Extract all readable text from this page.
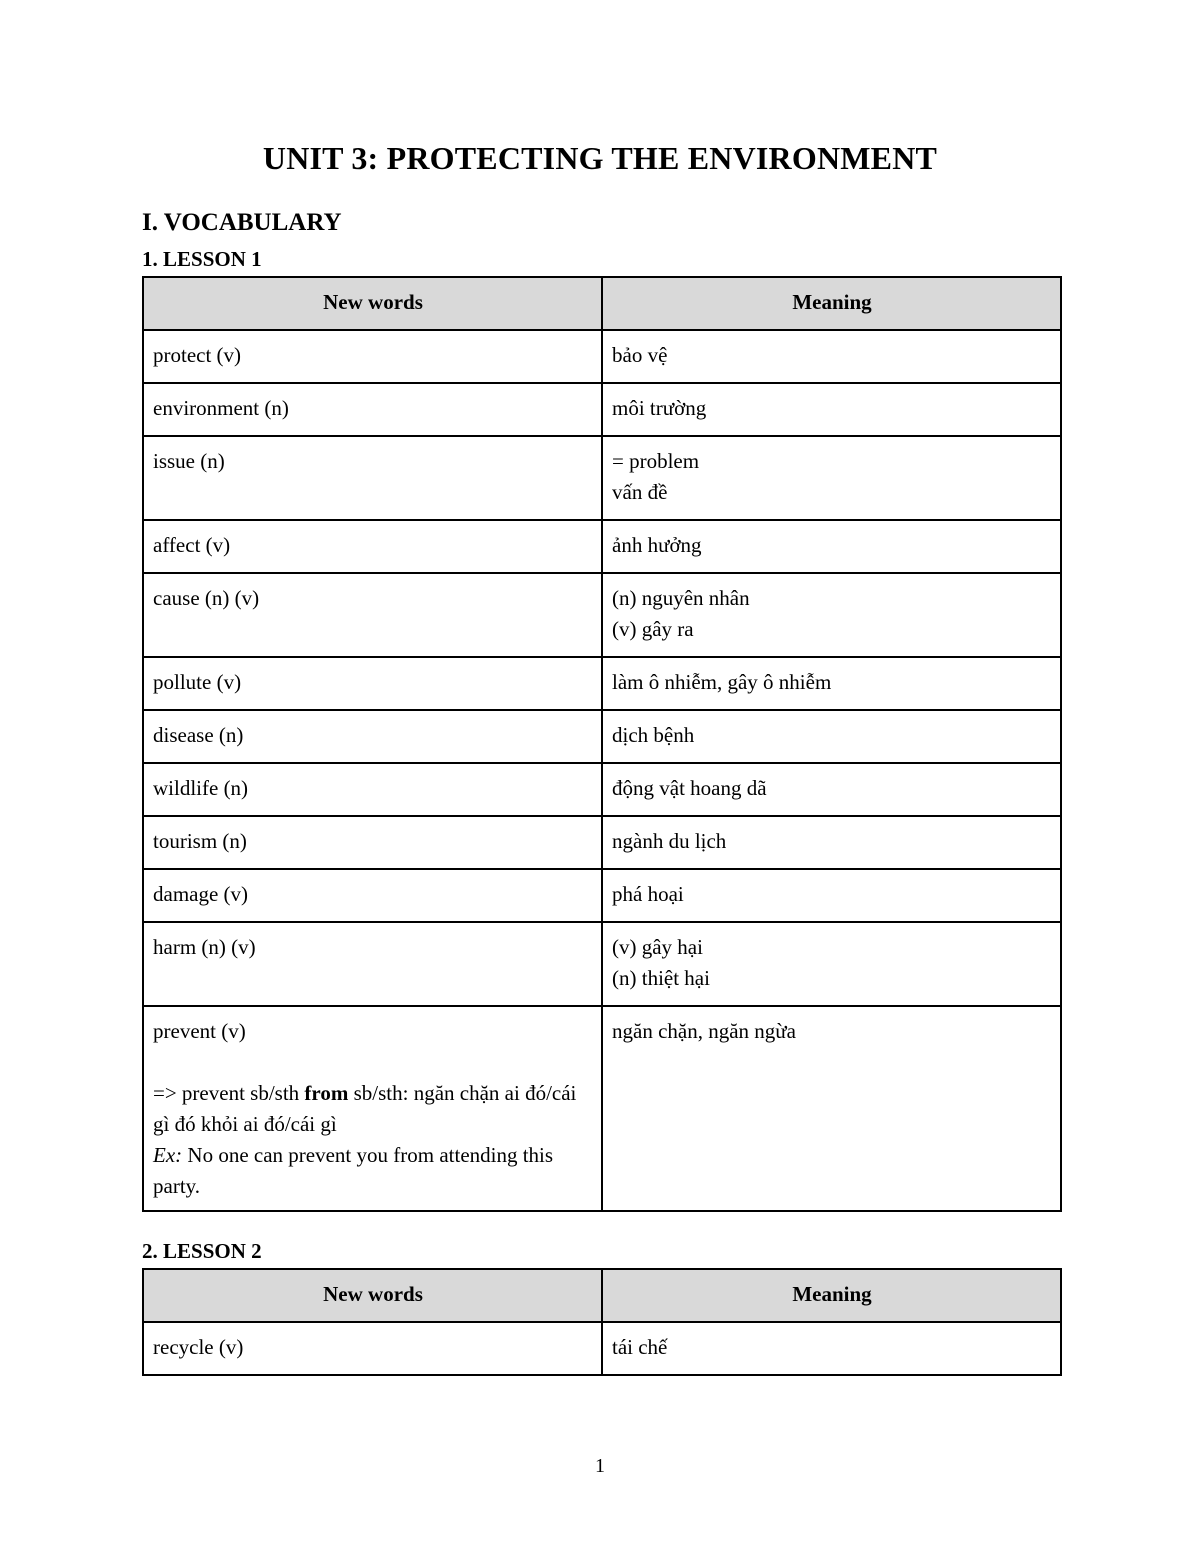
UNIT 3: PROTECTING THE ENVIRONMENT
I. VOCABULARY
1. LESSON 1
New words	Meaning

protect (v)	bảo vệ

environment (n)	môi trường

issue (n)	= problem
vấn đề

affect (v)	ảnh hưởng

cause (n) (v)	(n) nguyên nhân
(v) gây ra

pollute (v)	làm ô nhiễm, gây ô nhiễm

disease (n)	dịch bệnh

wildlife (n)	động vật hoang dã

tourism (n)	ngành du lịch

damage (v)	phá hoại

harm (n) (v)	(v) gây hại
(n) thiệt hại

prevent (v)
=> prevent sb/sth from sb/sth: ngăn chặn ai đó/cái gì đó khỏi ai đó/cái gì
Ex: No one can prevent you from attending this party.	ngăn chặn, ngăn ngừa
2. LESSON 2
New words	Meaning

recycle (v)	tái chế
1
